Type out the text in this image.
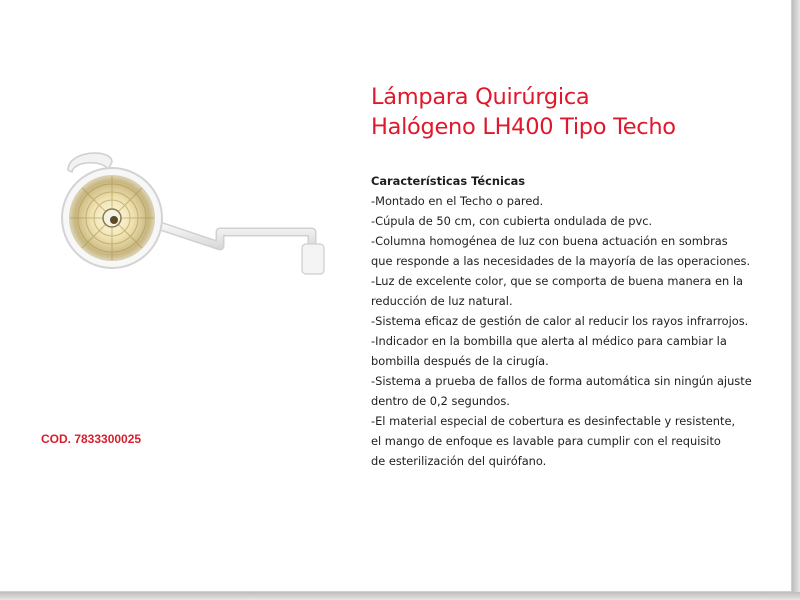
Lámpara Quirúrgica
Halógeno LH400 Tipo Techo
Características Técnicas
-Montado en el Techo o pared.
-Cúpula de 50 cm, con cubierta ondulada de pvc.
-Columna homogénea de luz con buena actuación en sombras
que responde a las necesidades de la mayoría de las operaciones.
-Luz de excelente color, que se comporta de buena manera en la
reducción de luz natural.
-Sistema eficaz de gestión de calor al reducir los rayos infrarrojos.
-Indicador en la bombilla que alerta al médico para cambiar la
bombilla después de la cirugía.
-Sistema a prueba de fallos de forma automática sin ningún ajuste
dentro de 0,2 segundos.
-El material especial de cobertura es desinfectable y resistente,
el mango de enfoque es lavable para cumplir con el requisito
de esterilización del quirófano.
COD. 7833300025
